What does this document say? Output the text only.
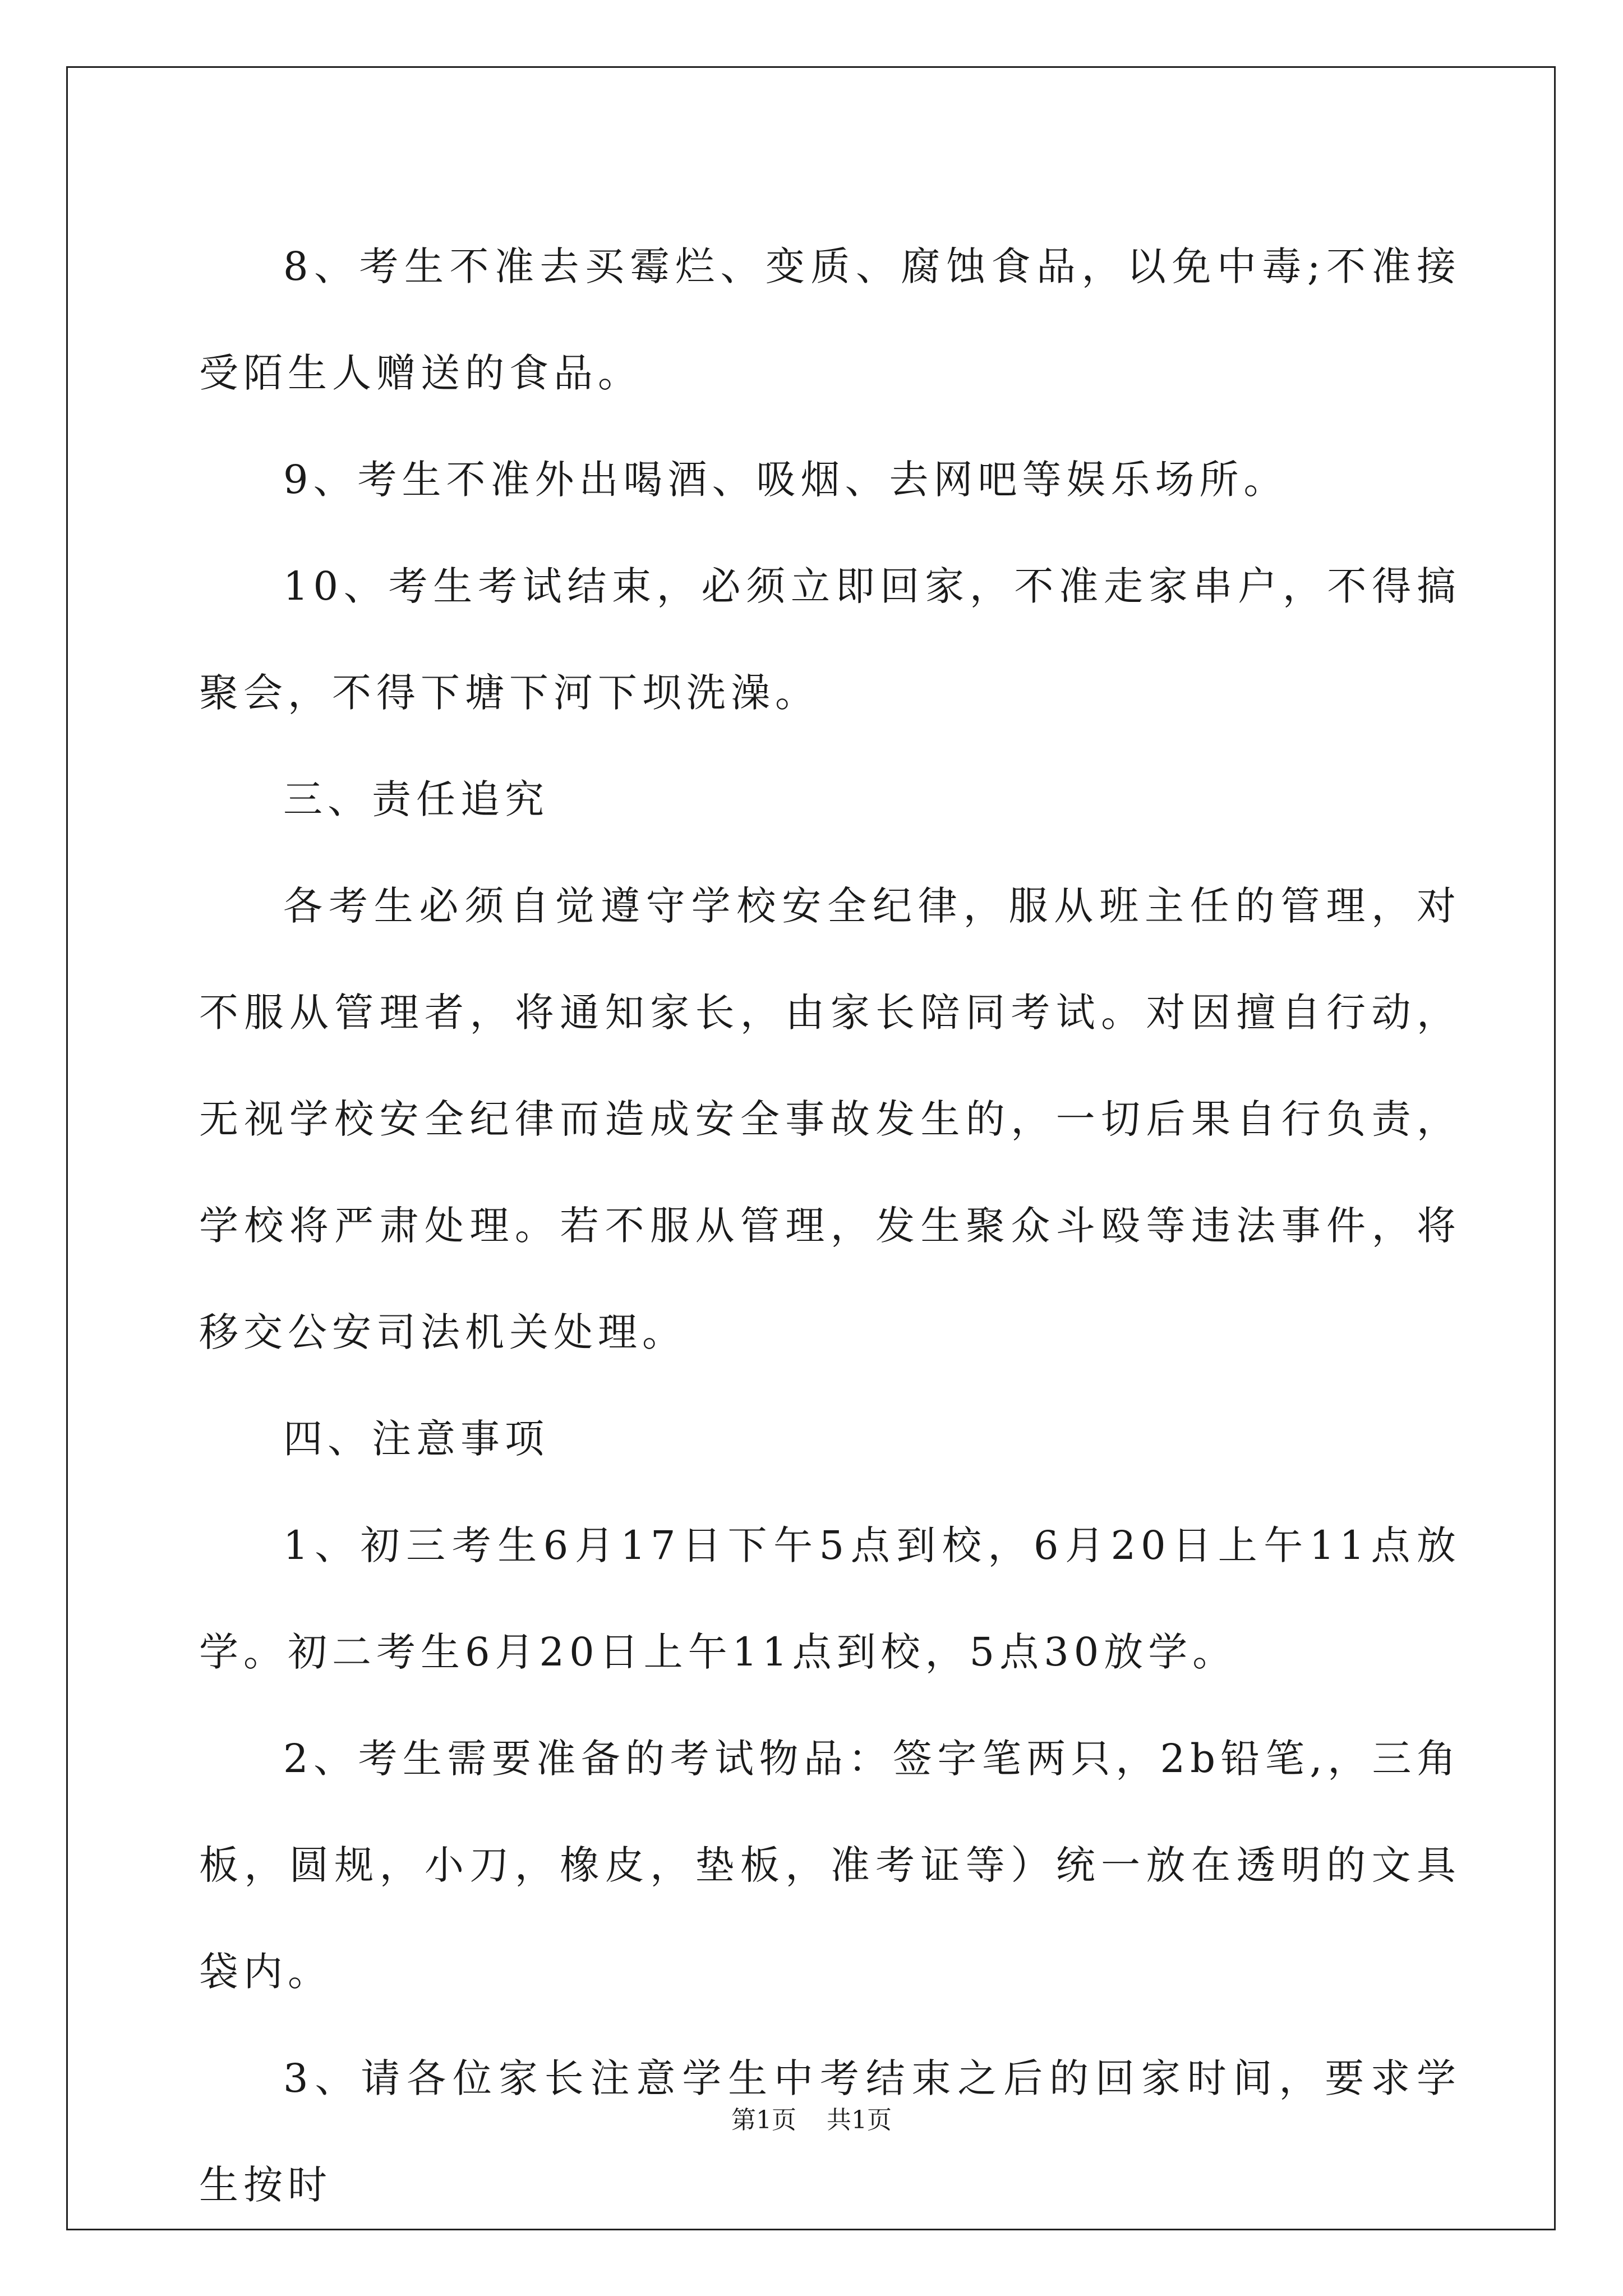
8、考生不准去买霉烂、变质、腐蚀食品，以免中毒;不准接受陌生人赠送的食品。

9、考生不准外出喝酒、吸烟、去网吧等娱乐场所。

10、考生考试结束，必须立即回家，不准走家串户，不得搞聚会，不得下塘下河下坝洗澡。

三、责任追究

各考生必须自觉遵守学校安全纪律，服从班主任的管理，对不服从管理者，将通知家长，由家长陪同考试。对因擅自行动，无视学校安全纪律而造成安全事故发生的，一切后果自行负责，学校将严肃处理。若不服从管理，发生聚众斗殴等违法事件，将移交公安司法机关处理。

四、注意事项

1、初三考生6月17日下午5点到校，6月20日上午11点放学。初二考生6月20日上午11点到校，5点30放学。

2、考生需要准备的考试物品：签字笔两只，2b铅笔,，三角板，圆规，小刀，橡皮，垫板，准考证等）统一放在透明的文具袋内。

3、请各位家长注意学生中考结束之后的回家时间，要求学生按时

第1页 共1页
